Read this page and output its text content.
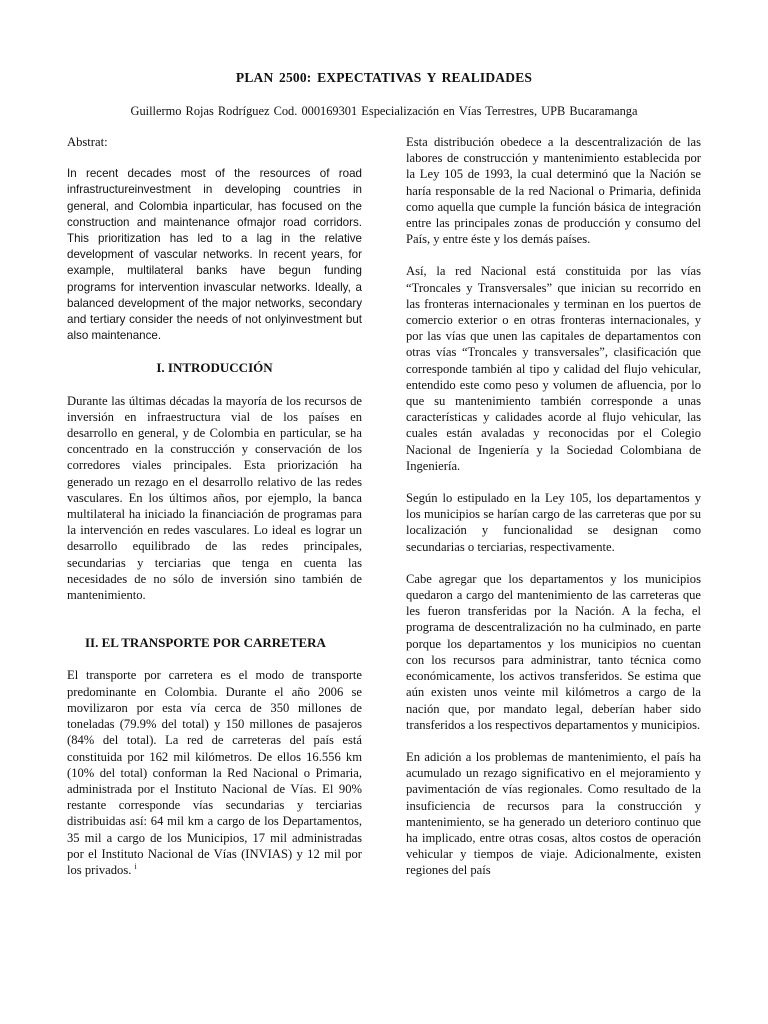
PLAN 2500: EXPECTATIVAS Y REALIDADES
Guillermo Rojas Rodríguez Cod. 000169301 Especialización en Vías Terrestres, UPB Bucaramanga
Abstrat:

In recent decades most of the resources of road infrastructureinvestment in developing countries in general, and Colombia inparticular, has focused on the construction and maintenance ofmajor road corridors. This prioritization has led to a lag in the relative development of vascular networks. In recent years, for example, multilateral banks have begun funding programs for intervention invascular networks. Ideally, a balanced development of the major networks, secondary and tertiary consider the needs of not onlyinvestment but also maintenance.

I. INTRODUCCIÓN

Durante las últimas décadas la mayoría de los recursos de inversión en infraestructura vial de los países en desarrollo en general, y de Colombia en particular, se ha concentrado en la construcción y conservación de los corredores viales principales. Esta priorización ha generado un rezago en el desarrollo relativo de las redes vasculares. En los últimos años, por ejemplo, la banca multilateral ha iniciado la financiación de programas para la intervención en redes vasculares. Lo ideal es lograr un desarrollo equilibrado de las redes principales, secundarias y terciarias que tenga en cuenta las necesidades de no sólo de inversión sino también de mantenimiento.

II. EL TRANSPORTE POR CARRETERA

El transporte por carretera es el modo de transporte predominante en Colombia. Durante el año 2006 se movilizaron por esta vía cerca de 350 millones de toneladas (79.9% del total) y 150 millones de pasajeros (84% del total). La red de carreteras del país está constituida por 162 mil kilómetros. De ellos 16.556 km (10% del total) conforman la Red Nacional o Primaria, administrada por el Instituto Nacional de Vías. El 90% restante corresponde vías secundarias y terciarias distribuidas así: 64 mil km a cargo de los Departamentos, 35 mil a cargo de los Municipios, 17 mil administradas por el Instituto Nacional de Vías (INVIAS) y 12 mil por los privados. $^i$

Esta distribución obedece a la descentralización de las labores de construcción y mantenimiento establecida por la Ley 105 de 1993, la cual determinó que la Nación se haría responsable de la red Nacional o Primaria, definida como aquella que cumple la función básica de integración entre las principales zonas de producción y consumo del País, y entre éste y los demás países.

Así, la red Nacional está constituida por las vías “Troncales y Transversales” que inician su recorrido en las fronteras internacionales y terminan en los puertos de comercio exterior o en otras fronteras internacionales, y por las vías que unen las capitales de departamentos con otras vías “Troncales y transversales”, clasificación que corresponde también al tipo y calidad del flujo vehicular, entendido este como peso y volumen de afluencia, por lo que su mantenimiento también corresponde a unas características y calidades acorde al flujo vehicular, las cuales están avaladas y reconocidas por el Colegio Nacional de Ingeniería y la Sociedad Colombiana de Ingeniería.

Según lo estipulado en la Ley 105, los departamentos y los municipios se harían cargo de las carreteras que por su localización y funcionalidad se designan como secundarias o terciarias, respectivamente.

Cabe agregar que los departamentos y los municipios quedaron a cargo del mantenimiento de las carreteras que les fueron transferidas por la Nación. A la fecha, el programa de descentralización no ha culminado, en parte porque los departamentos y los municipios no cuentan con los recursos para administrar, tanto técnica como económicamente, los activos transferidos. Se estima que aún existen unos veinte mil kilómetros a cargo de la nación que, por mandato legal, deberían haber sido transferidos a los respectivos departamentos y municipios.

En adición a los problemas de mantenimiento, el país ha acumulado un rezago significativo en el mejoramiento y pavimentación de vías regionales. Como resultado de la insuficiencia de recursos para la construcción y mantenimiento, se ha generado un deterioro continuo que ha implicado, entre otras cosas, altos costos de operación vehicular y tiempos de viaje. Adicionalmente, existen regiones del país
